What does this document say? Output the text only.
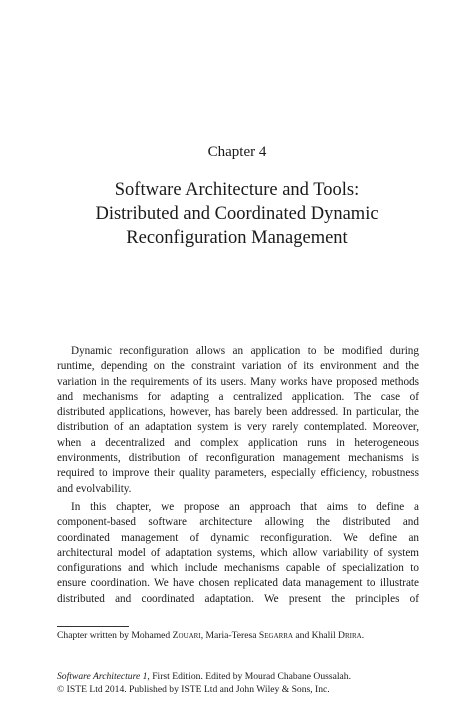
Chapter 4
Software Architecture and Tools:
Distributed and Coordinated Dynamic
Reconfiguration Management
Dynamic reconfiguration allows an application to be modified during
runtime, depending on the constraint variation of its environment and the
variation in the requirements of its users. Many works have proposed methods
and mechanisms for adapting a centralized application. The case of
distributed applications, however, has barely been addressed. In particular, the
distribution of an adaptation system is very rarely contemplated. Moreover,
when a decentralized and complex application runs in heterogeneous
environments, distribution of reconfiguration management mechanisms is
required to improve their quality parameters, especially efficiency, robustness
and evolvability.
In this chapter, we propose an approach that aims to define a
component-based software architecture allowing the distributed and
coordinated management of dynamic reconfiguration. We define an
architectural model of adaptation systems, which allow variability of system
configurations and which include mechanisms capable of specialization to
ensure coordination. We have chosen replicated data management to illustrate
distributed and coordinated adaptation. We present the principles of
Chapter written by Mohamed Zouari, Maria-Teresa Segarra and Khalil Drira.
Software Architecture 1, First Edition. Edited by Mourad Chabane Oussalah.
© ISTE Ltd 2014. Published by ISTE Ltd and John Wiley & Sons, Inc.
